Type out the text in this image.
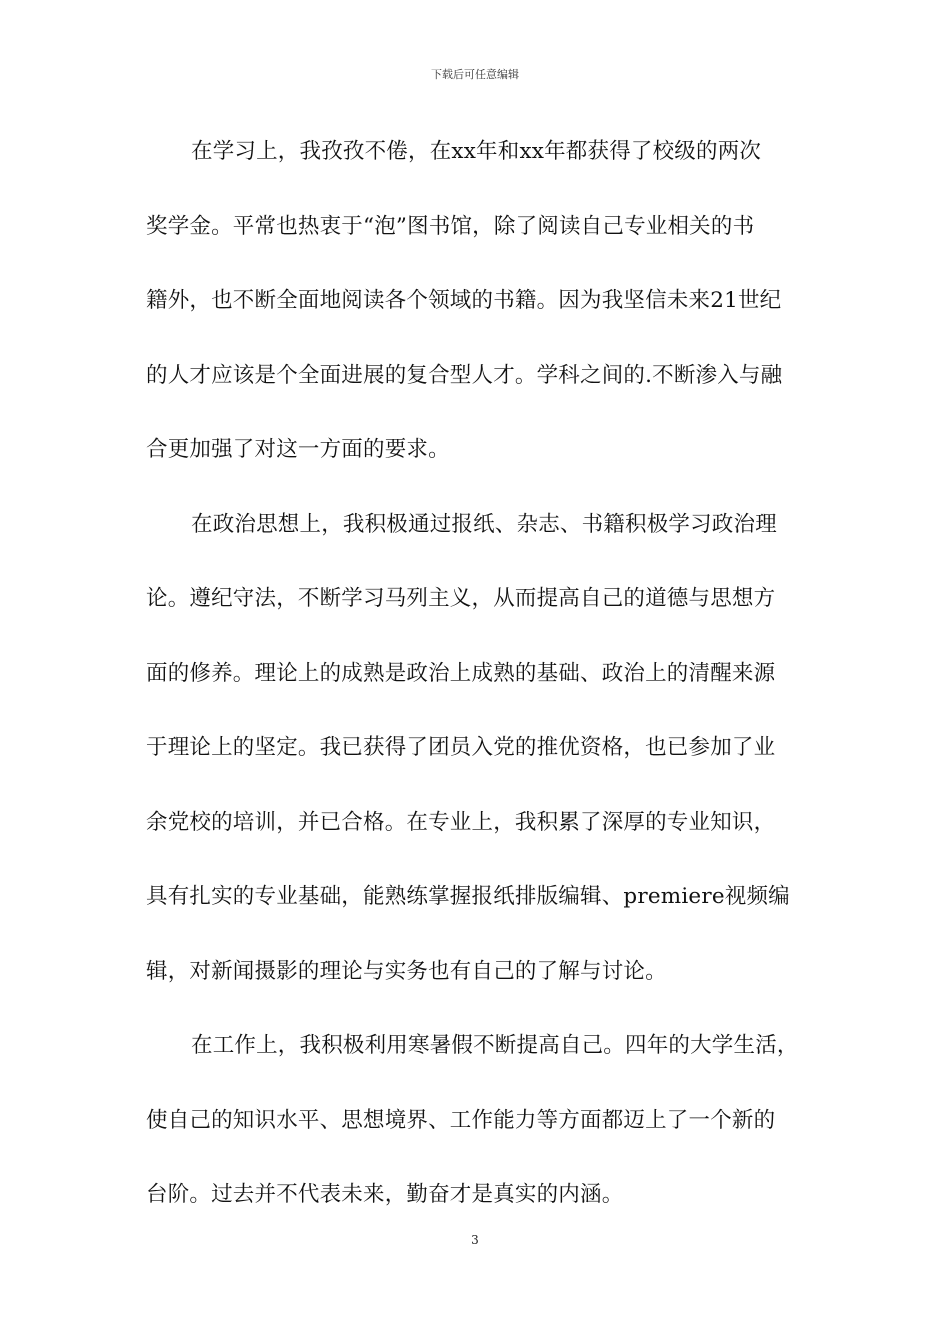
下载后可任意编辑
在学习上，我孜孜不倦，在xx年和xx年都获得了校级的两次
奖学金。平常也热衷于“泡”图书馆，除了阅读自己专业相关的书
籍外，也不断全面地阅读各个领域的书籍。因为我坚信未来21世纪
的人才应该是个全面进展的复合型人才。学科之间的.不断渗入与融
合更加强了对这一方面的要求。
在政治思想上，我积极通过报纸、杂志、书籍积极学习政治理
论。遵纪守法，不断学习马列主义，从而提高自己的道德与思想方
面的修养。理论上的成熟是政治上成熟的基础、政治上的清醒来源
于理论上的坚定。我已获得了团员入党的推优资格，也已参加了业
余党校的培训，并已合格。在专业上，我积累了深厚的专业知识，
具有扎实的专业基础，能熟练掌握报纸排版编辑、premiere视频编
辑，对新闻摄影的理论与实务也有自己的了解与讨论。
在工作上，我积极利用寒暑假不断提高自己。四年的大学生活，
使自己的知识水平、思想境界、工作能力等方面都迈上了一个新的
台阶。过去并不代表未来，勤奋才是真实的内涵。
3
